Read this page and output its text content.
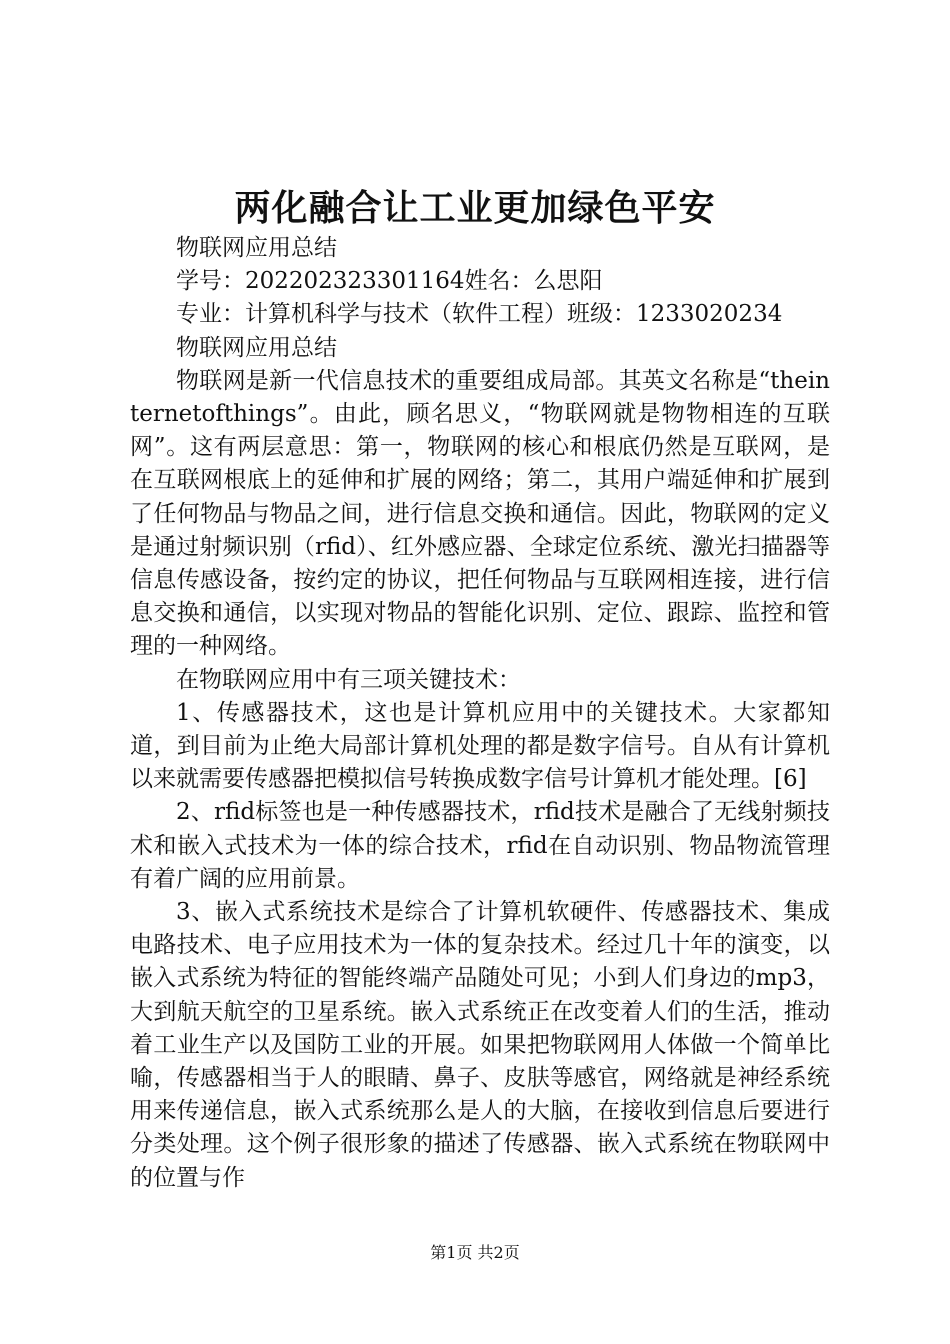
两化融合让工业更加绿色平安

物联网应用总结

学号：202202323301164姓名：么思阳

专业：计算机科学与技术（软件工程）班级：1233020234

物联网应用总结

物联网是新一代信息技术的重要组成局部。其英文名称是“theinternetofthings”。由此，顾名思义，“物联网就是物物相连的互联网”。这有两层意思：第一，物联网的核心和根底仍然是互联网，是在互联网根底上的延伸和扩展的网络；第二，其用户端延伸和扩展到了任何物品与物品之间，进行信息交换和通信。因此，物联网的定义是通过射频识别（rfid）、红外感应器、全球定位系统、激光扫描器等信息传感设备，按约定的协议，把任何物品与互联网相连接，进行信息交换和通信，以实现对物品的智能化识别、定位、跟踪、监控和管理的一种网络。

在物联网应用中有三项关键技术：

1、传感器技术，这也是计算机应用中的关键技术。大家都知道，到目前为止绝大局部计算机处理的都是数字信号。自从有计算机以来就需要传感器把模拟信号转换成数字信号计算机才能处理。[6]

2、rfid标签也是一种传感器技术，rfid技术是融合了无线射频技术和嵌入式技术为一体的综合技术，rfid在自动识别、物品物流管理有着广阔的应用前景。

3、嵌入式系统技术是综合了计算机软硬件、传感器技术、集成电路技术、电子应用技术为一体的复杂技术。经过几十年的演变，以嵌入式系统为特征的智能终端产品随处可见；小到人们身边的mp3，大到航天航空的卫星系统。嵌入式系统正在改变着人们的生活，推动着工业生产以及国防工业的开展。如果把物联网用人体做一个简单比喻，传感器相当于人的眼睛、鼻子、皮肤等感官，网络就是神经系统用来传递信息，嵌入式系统那么是人的大脑，在接收到信息后要进行分类处理。这个例子很形象的描述了传感器、嵌入式系统在物联网中的位置与作

第1页 共2页
